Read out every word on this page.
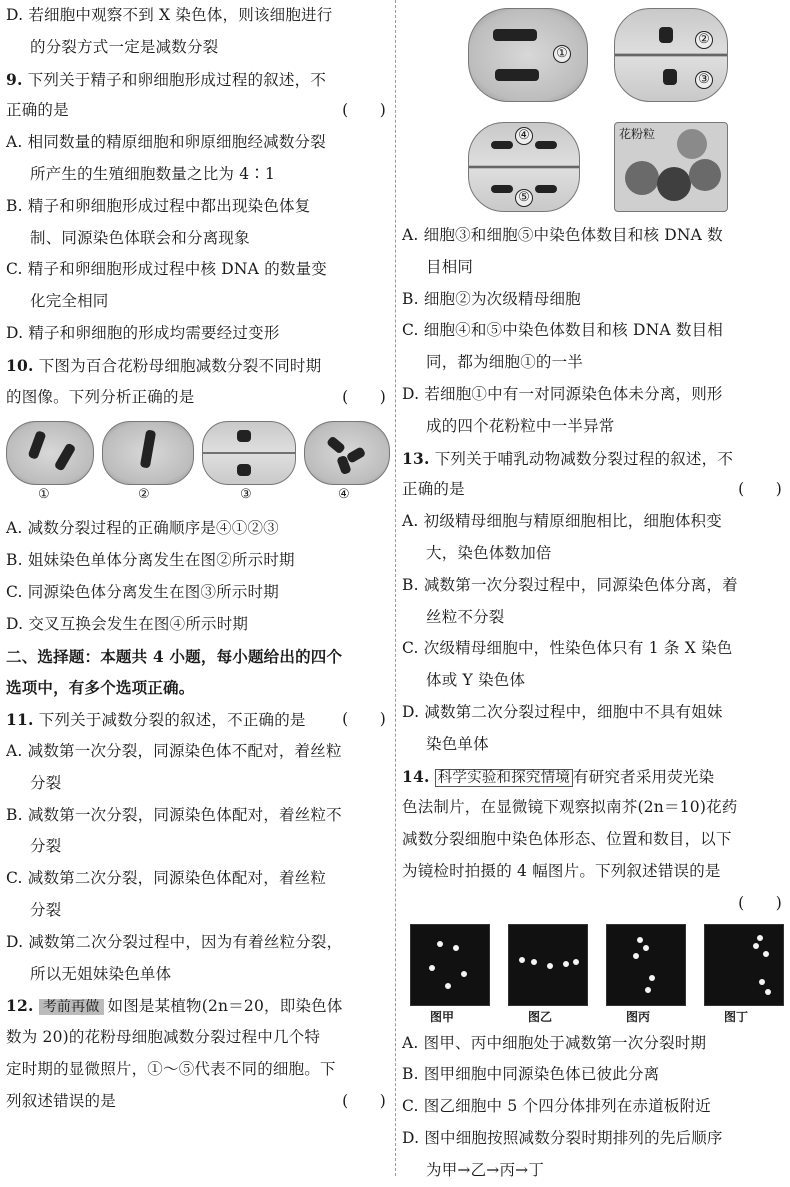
D. 若细胞中观察不到 X 染色体，则该细胞进行
的分裂方式一定是减数分裂
9. 下列关于精子和卵细胞形成过程的叙述，不
正确的是	(　　)
A. 相同数量的精原细胞和卵原细胞经减数分裂
所产生的生殖细胞数量之比为 4∶1
B. 精子和卵细胞形成过程中都出现染色体复
制、同源染色体联会和分离现象
C. 精子和卵细胞形成过程中核 DNA 的数量变
化完全相同
D. 精子和卵细胞的形成均需要经过变形
10. 下图为百合花粉母细胞减数分裂不同时期
的图像。下列分析正确的是	(　　)
①	②	③	④
A. 减数分裂过程的正确顺序是④①②③
B. 姐妹染色单体分离发生在图②所示时期
C. 同源染色体分离发生在图③所示时期
D. 交叉互换会发生在图④所示时期
二、选择题：本题共 4 小题，每小题给出的四个
选项中，有多个选项正确。
11. 下列关于减数分裂的叙述，不正确的是 (　　)
A. 减数第一次分裂，同源染色体不配对，着丝粒
分裂
B. 减数第一次分裂，同源染色体配对，着丝粒不
分裂
C. 减数第二次分裂，同源染色体配对，着丝粒
分裂
D. 减数第二次分裂过程中，因为有着丝粒分裂，
所以无姐妹染色单体
12. 考前再做 如图是某植物(2n＝20，即染色体
数为 20)的花粉母细胞减数分裂过程中几个特
定时期的显微照片，①～⑤代表不同的细胞。下
列叙述错误的是	(　　)
①
②
③
④
⑤
花粉粒
A. 细胞③和细胞⑤中染色体数目和核 DNA 数
目相同
B. 细胞②为次级精母细胞
C. 细胞④和⑤中染色体数目和核 DNA 数目相
同，都为细胞①的一半
D. 若细胞①中有一对同源染色体未分离，则形
成的四个花粉粒中一半异常
13. 下列关于哺乳动物减数分裂过程的叙述，不
正确的是	(　　)
A. 初级精母细胞与精原细胞相比，细胞体积变
大，染色体数加倍
B. 减数第一次分裂过程中，同源染色体分离，着
丝粒不分裂
C. 次级精母细胞中，性染色体只有 1 条 X 染色
体或 Y 染色体
D. 减数第二次分裂过程中，细胞中不具有姐妹
染色单体
14. 科学实验和探究情境 有研究者采用荧光染
色法制片，在显微镜下观察拟南芥(2n＝10)花药
减数分裂细胞中染色体形态、位置和数目，以下
为镜检时拍摄的 4 幅图片。下列叙述错误的是
(　　)
图甲	图乙	图丙	图丁
A. 图甲、丙中细胞处于减数第一次分裂时期
B. 图甲细胞中同源染色体已彼此分离
C. 图乙细胞中 5 个四分体排列在赤道板附近
D. 图中细胞按照减数分裂时期排列的先后顺序
为甲→乙→丙→丁
